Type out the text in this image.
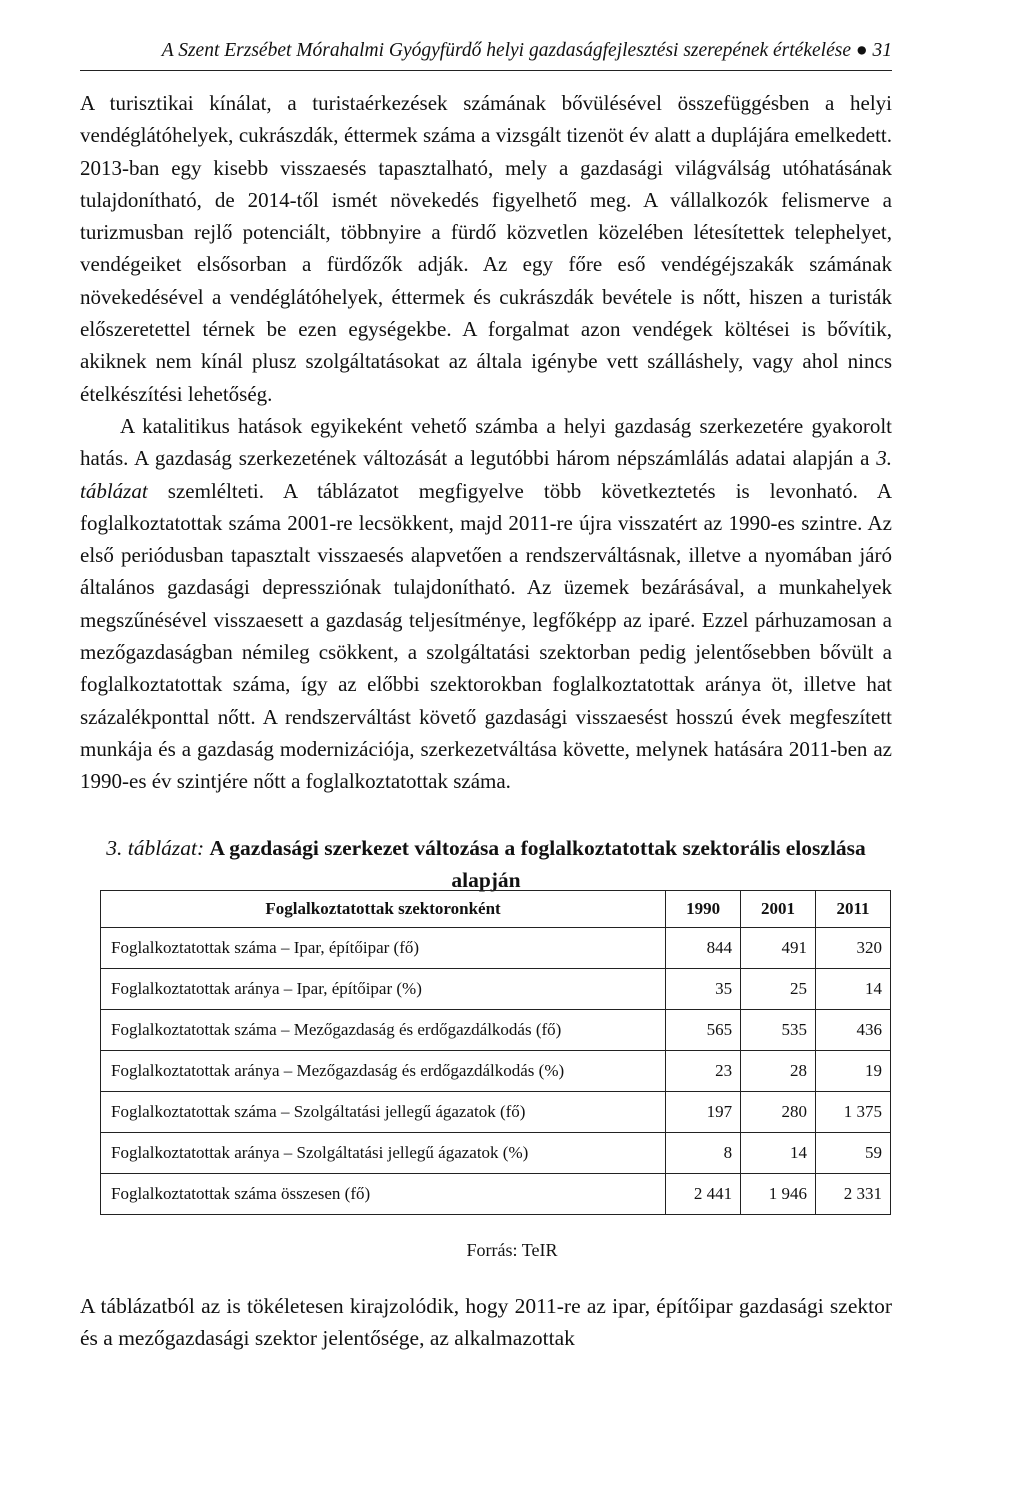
A Szent Erzsébet Mórahalmi Gyógyfürdő helyi gazdaságfejlesztési szerepének értékelése ● 31

A turisztikai kínálat, a turistaérkezések számának bővülésével összefüggésben a helyi vendéglátóhelyek, cukrászdák, éttermek száma a vizsgált tizenöt év alatt a duplájára emelkedett. 2013-ban egy kisebb visszaesés tapasztalható, mely a gazdasági világválság utóhatásának tulajdonítható, de 2014-től ismét növekedés figyelhető meg. A vállalkozók felismerve a turizmusban rejlő potenciált, többnyire a fürdő közvetlen közelében létesítettek telephelyet, vendégeiket elsősorban a fürdőzők adják. Az egy főre eső vendégéjszakák számának növekedésével a vendéglátóhelyek, éttermek és cukrászdák bevétele is nőtt, hiszen a turisták előszeretettel térnek be ezen egységekbe. A forgalmat azon vendégek költései is bővítik, akiknek nem kínál plusz szolgáltatásokat az általa igénybe vett szálláshely, vagy ahol nincs ételkészítési lehetőség.

A katalitikus hatások egyikeként vehető számba a helyi gazdaság szerkezetére gyakorolt hatás. A gazdaság szerkezetének változását a legutóbbi három népszámlálás adatai alapján a 3. táblázat szemlélteti. A táblázatot megfigyelve több következtetés is levonható. A foglalkoztatottak száma 2001-re lecsökkent, majd 2011-re újra visszatért az 1990-es szintre. Az első periódusban tapasztalt visszaesés alapvetően a rendszerváltásnak, illetve a nyomában járó általános gazdasági depressziónak tulajdonítható. Az üzemek bezárásával, a munkahelyek megszűnésével visszaesett a gazdaság teljesítménye, legfőképp az iparé. Ezzel párhuzamosan a mezőgazdaságban némileg csökkent, a szolgáltatási szektorban pedig jelentősebben bővült a foglalkoztatottak száma, így az előbbi szektorokban foglalkoztatottak aránya öt, illetve hat százalékponttal nőtt. A rendszerváltást követő gazdasági visszaesést hosszú évek megfeszített munkája és a gazdaság modernizációja, szerkezetváltása követte, melynek hatására 2011-ben az 1990-es év szintjére nőtt a foglalkoztatottak száma.

3. táblázat: A gazdasági szerkezet változása a foglalkoztatottak szektorális eloszlása alapján
Foglalkoztatottak szektoronként	1990	2001	2011
Foglalkoztatottak száma – Ipar, építőipar (fő)	844	491	320
Foglalkoztatottak aránya – Ipar, építőipar (%)	35	25	14
Foglalkoztatottak száma – Mezőgazdaság és erdőgazdálkodás (fő)	565	535	436
Foglalkoztatottak aránya – Mezőgazdaság és erdőgazdálkodás (%)	23	28	19
Foglalkoztatottak száma – Szolgáltatási jellegű ágazatok (fő)	197	280	1 375
Foglalkoztatottak aránya – Szolgáltatási jellegű ágazatok (%)	8	14	59
Foglalkoztatottak száma összesen (fő)	2 441	1 946	2 331
Forrás: TeIR

A táblázatból az is tökéletesen kirajzolódik, hogy 2011-re az ipar, építőipar gazdasági szektor és a mezőgazdasági szektor jelentősége, az alkalmazottak
